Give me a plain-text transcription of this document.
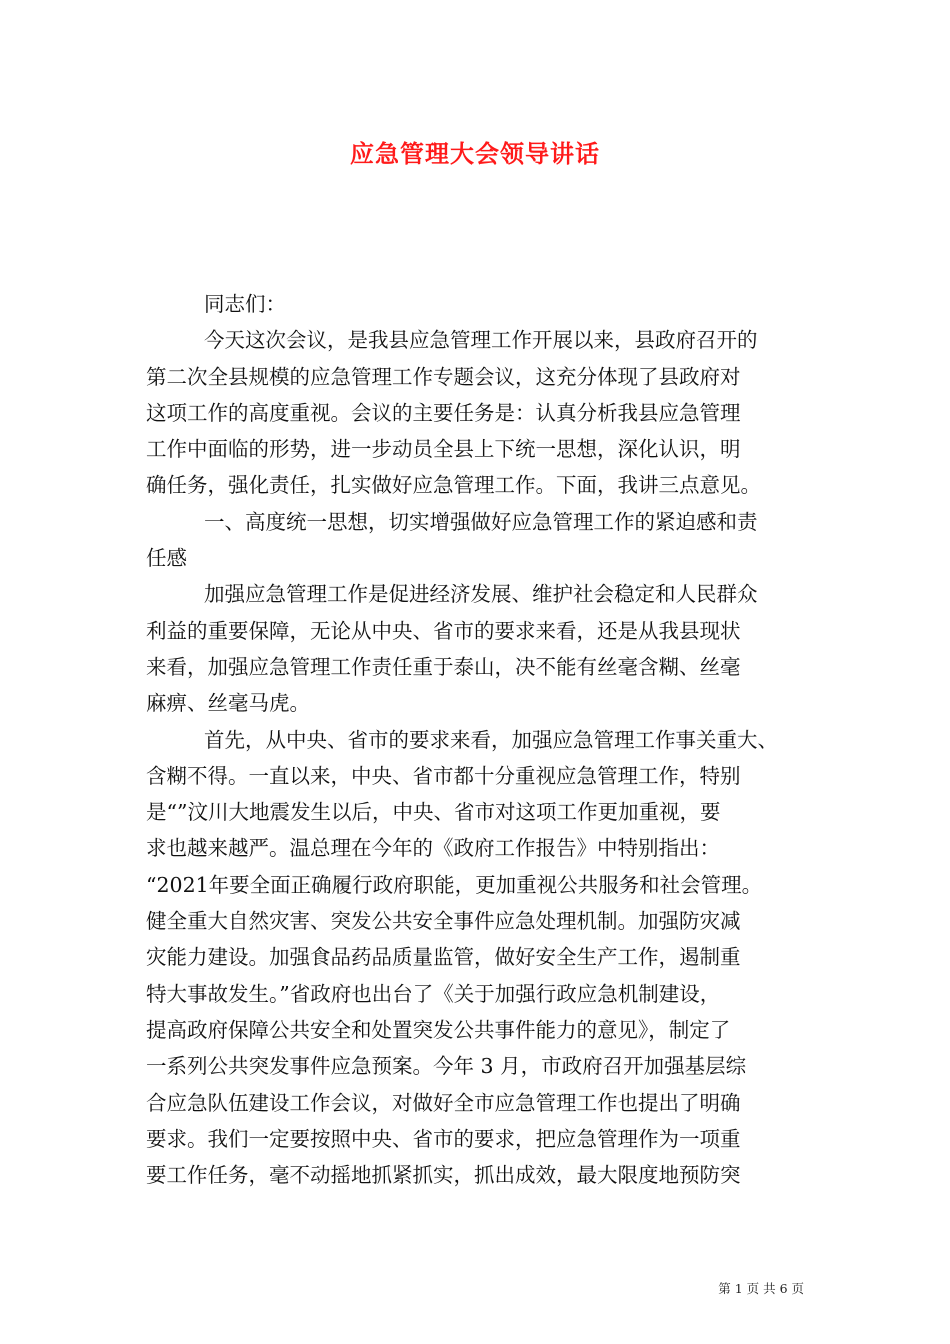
应急管理大会领导讲话
同志们：
今天这次会议，是我县应急管理工作开展以来，县政府召开的
第二次全县规模的应急管理工作专题会议，这充分体现了县政府对
这项工作的高度重视。会议的主要任务是：认真分析我县应急管理
工作中面临的形势，进一步动员全县上下统一思想，深化认识，明
确任务，强化责任，扎实做好应急管理工作。下面，我讲三点意见。
一、高度统一思想，切实增强做好应急管理工作的紧迫感和责
任感
加强应急管理工作是促进经济发展、维护社会稳定和人民群众
利益的重要保障，无论从中央、省市的要求来看，还是从我县现状
来看，加强应急管理工作责任重于泰山，决不能有丝毫含糊、丝毫
麻痹、丝毫马虎。
首先，从中央、省市的要求来看，加强应急管理工作事关重大、
含糊不得。一直以来，中央、省市都十分重视应急管理工作，特别
是“”汶川大地震发生以后，中央、省市对这项工作更加重视，要
求也越来越严。温总理在今年的《政府工作报告》中特别指出：
“2021年要全面正确履行政府职能，更加重视公共服务和社会管理。
健全重大自然灾害、突发公共安全事件应急处理机制。加强防灾减
灾能力建设。加强食品药品质量监管，做好安全生产工作，遏制重
特大事故发生。”省政府也出台了《关于加强行政应急机制建设，
提高政府保障公共安全和处置突发公共事件能力的意见》，制定了
一系列公共突发事件应急预案。今年 3 月，市政府召开加强基层综
合应急队伍建设工作会议，对做好全市应急管理工作也提出了明确
要求。我们一定要按照中央、省市的要求，把应急管理作为一项重
要工作任务，毫不动摇地抓紧抓实，抓出成效，最大限度地预防突
第 1 页 共 6 页
